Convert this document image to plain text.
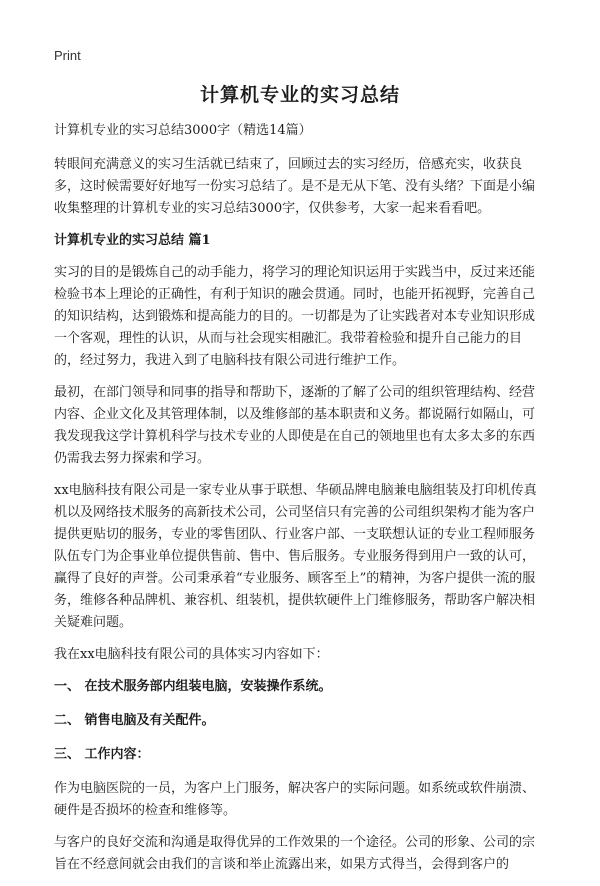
Print
计算机专业的实习总结

计算机专业的实习总结3000字（精选14篇）

转眼间充满意义的实习生活就已结束了，回顾过去的实习经历，倍感充实，收获良多，这时候需要好好地写一份实习总结了。是不是无从下笔、没有头绪？下面是小编收集整理的计算机专业的实习总结3000字，仅供参考，大家一起来看看吧。

计算机专业的实习总结 篇1

实习的目的是锻炼自己的动手能力，将学习的理论知识运用于实践当中，反过来还能检验书本上理论的正确性，有利于知识的融会贯通。同时，也能开拓视野，完善自己的知识结构，达到锻炼和提高能力的目的。一切都是为了让实践者对本专业知识形成一个客观，理性的认识，从而与社会现实相融汇。我带着检验和提升自己能力的目的，经过努力，我进入到了电脑科技有限公司进行维护工作。

最初，在部门领导和同事的指导和帮助下，逐渐的了解了公司的组织管理结构、经营内容、企业文化及其管理体制，以及维修部的基本职责和义务。都说隔行如隔山，可我发现我这学计算机科学与技术专业的人即使是在自己的领地里也有太多太多的东西仍需我去努力探索和学习。

xx电脑科技有限公司是一家专业从事于联想、华硕品牌电脑兼电脑组装及打印机传真机以及网络技术服务的高新技术公司，公司坚信只有完善的公司组织架构才能为客户提供更贴切的服务，专业的零售团队、行业客户部、一支联想认证的专业工程师服务队伍专门为企事业单位提供售前、售中、售后服务。专业服务得到用户一致的认可，赢得了良好的声誉。公司秉承着“专业服务、顾客至上”的精神，为客户提供一流的服务，维修各种品牌机、兼容机、组装机，提供软硬件上门维修服务，帮助客户解决相关疑难问题。

我在xx电脑科技有限公司的具体实习内容如下：

一、 在技术服务部内组装电脑，安装操作系统。

二、 销售电脑及有关配件。

三、 工作内容：

作为电脑医院的一员，为客户上门服务，解决客户的实际问题。如系统或软件崩溃、硬件是否损坏的检查和维修等。

与客户的良好交流和沟通是取得优异的工作效果的一个途径。公司的形象、公司的宗旨在不经意间就会由我们的言谈和举止流露出来，如果方式得当，会得到客户的
